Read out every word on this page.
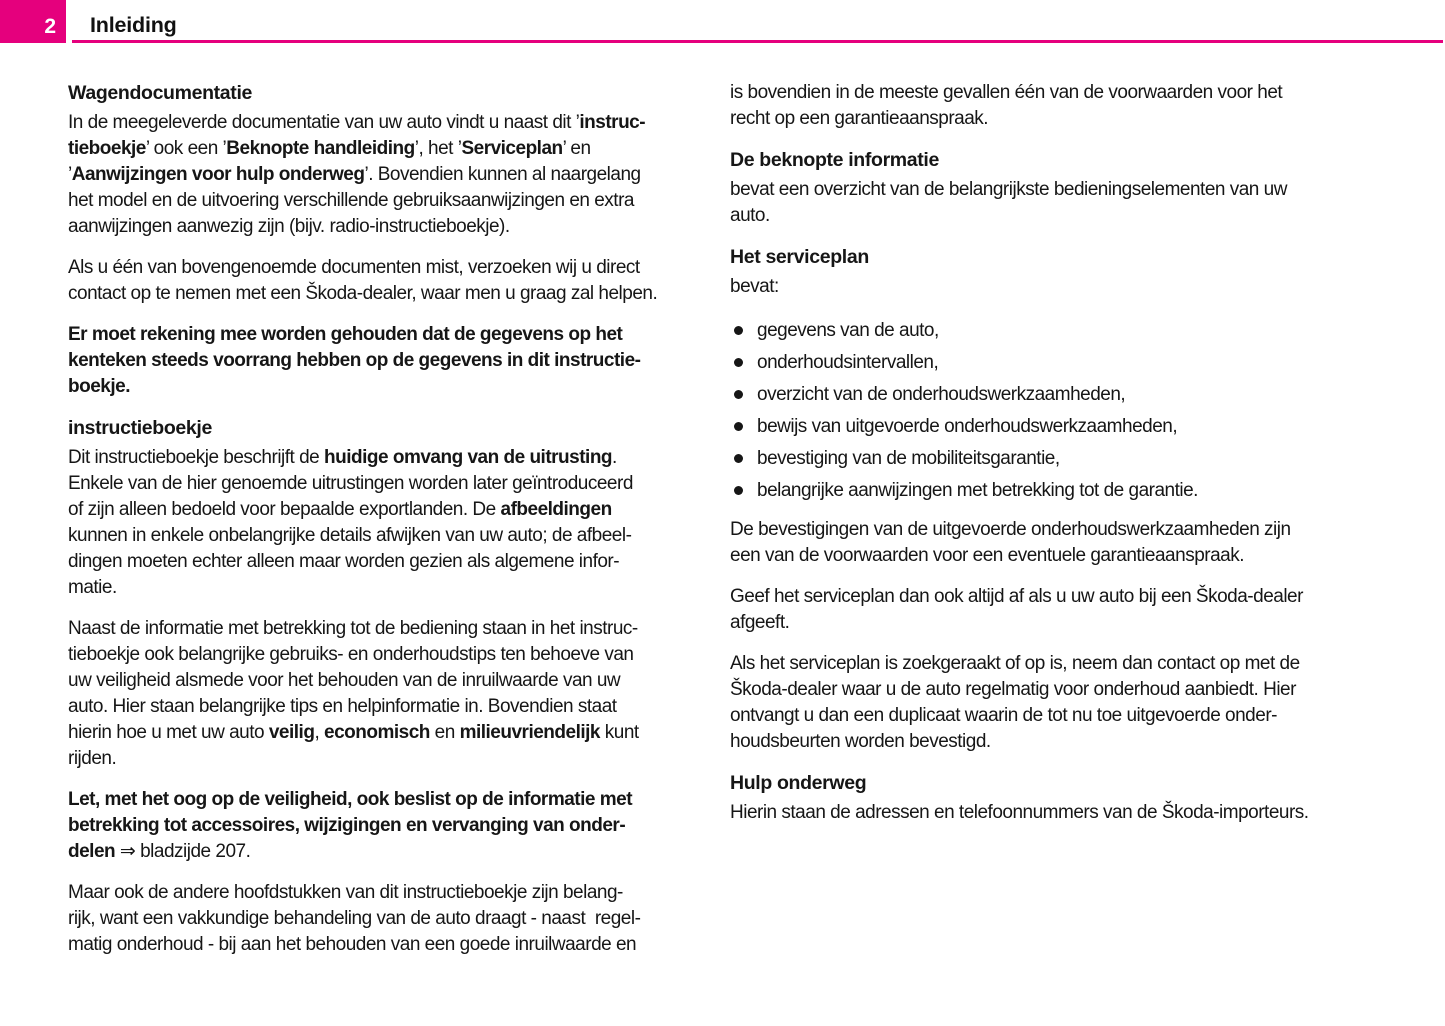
2 Inleiding
Wagendocumentatie

In de meegeleverde documentatie van uw auto vindt u naast dit ’instruc-
tieboekje’ ook een ’Beknopte handleiding’, het ’Serviceplan’ en
’Aanwijzingen voor hulp onderweg’. Bovendien kunnen al naargelang
het model en de uitvoering verschillende gebruiksaanwijzingen en extra
aanwijzingen aanwezig zijn (bijv. radio-instructieboekje).

Als u één van bovengenoemde documenten mist, verzoeken wij u direct
contact op te nemen met een Škoda-dealer, waar men u graag zal helpen.

Er moet rekening mee worden gehouden dat de gegevens op het
kenteken steeds voorrang hebben op de gegevens in dit instructie-
boekje.

instructieboekje

Dit instructieboekje beschrijft de huidige omvang van de uitrusting.
Enkele van de hier genoemde uitrustingen worden later geïntroduceerd
of zijn alleen bedoeld voor bepaalde exportlanden. De afbeeldingen
kunnen in enkele onbelangrijke details afwijken van uw auto; de afbeel-
dingen moeten echter alleen maar worden gezien als algemene infor-
matie.

Naast de informatie met betrekking tot de bediening staan in het instruc-
tieboekje ook belangrijke gebruiks- en onderhoudstips ten behoeve van
uw veiligheid alsmede voor het behouden van de inruilwaarde van uw
auto. Hier staan belangrijke tips en helpinformatie in. Bovendien staat
hierin hoe u met uw auto veilig, economisch en milieuvriendelijk kunt
rijden.

Let, met het oog op de veiligheid, ook beslist op de informatie met
betrekking tot accessoires, wijzigingen en vervanging van onder-
delen ⇒ bladzijde 207.

Maar ook de andere hoofdstukken van dit instructieboekje zijn belang-
rijk, want een vakkundige behandeling van de auto draagt - naast  regel-
matig onderhoud - bij aan het behouden van een goede inruilwaarde en

is bovendien in de meeste gevallen één van de voorwaarden voor het
recht op een garantieaanspraak.

De beknopte informatie

bevat een overzicht van de belangrijkste bedieningselementen van uw
auto.

Het serviceplan

bevat:

gegevens van de auto,
onderhoudsintervallen,
overzicht van de onderhoudswerkzaamheden,
bewijs van uitgevoerde onderhoudswerkzaamheden,
bevestiging van de mobiliteitsgarantie,
belangrijke aanwijzingen met betrekking tot de garantie.

De bevestigingen van de uitgevoerde onderhoudswerkzaamheden zijn
een van de voorwaarden voor een eventuele garantieaanspraak.

Geef het serviceplan dan ook altijd af als u uw auto bij een Škoda-dealer
afgeeft.

Als het serviceplan is zoekgeraakt of op is, neem dan contact op met de
Škoda-dealer waar u de auto regelmatig voor onderhoud aanbiedt. Hier
ontvangt u dan een duplicaat waarin de tot nu toe uitgevoerde onder-
houdsbeurten worden bevestigd.

Hulp onderweg

Hierin staan de adressen en telefoonnummers van de Škoda-importeurs.
